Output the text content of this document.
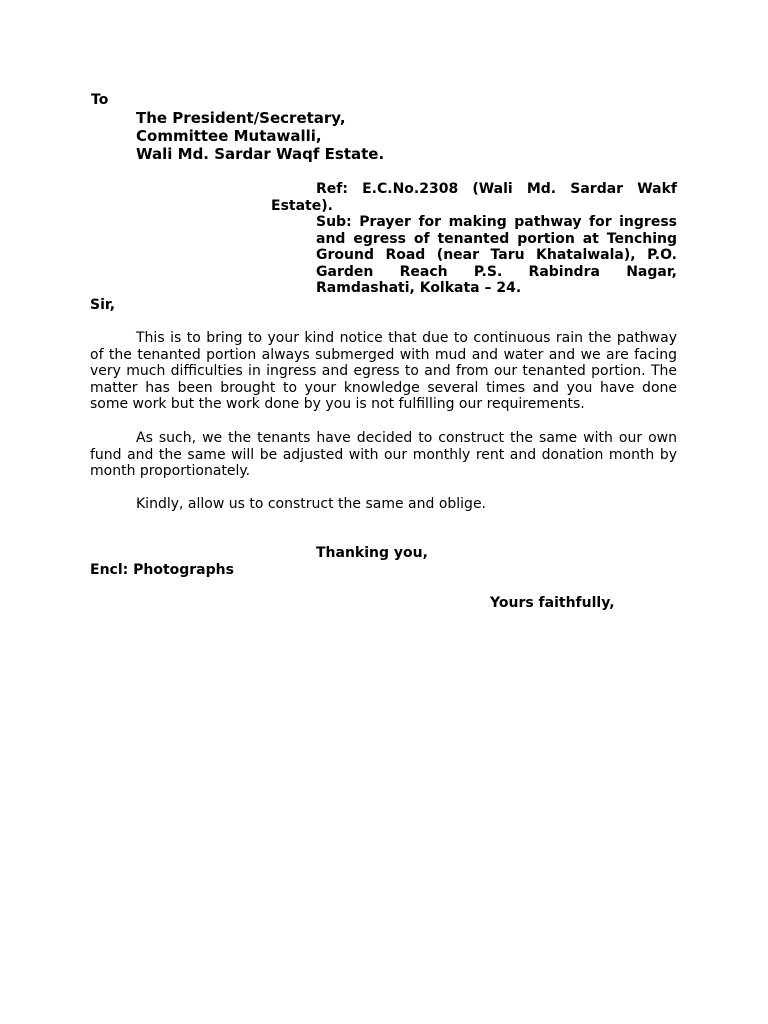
To
The President/Secretary,
Committee Mutawalli,
Wali Md. Sardar Waqf Estate.
Ref: E.C.No.2308 (Wali Md. Sardar Wakf
Estate).
Sub: Prayer for making pathway for ingress and egress of tenanted portion at Tenching Ground Road (near Taru Khatalwala), P.O. Garden Reach P.S. Rabindra Nagar, Ramdashati, Kolkata – 24.
Sir,
This is to bring to your kind notice that due to continuous rain the pathway of the tenanted portion always submerged with mud and water and we are facing very much difficulties in ingress and egress to and from our tenanted portion. The matter has been brought to your knowledge several times and you have done some work but the work done by you is not fulfilling our requirements.
As such, we the tenants have decided to construct the same with our own fund and the same will be adjusted with our monthly rent and donation month by month proportionately.
Kindly, allow us to construct the same and oblige.
Thanking you,
Encl: Photographs
Yours faithfully,
